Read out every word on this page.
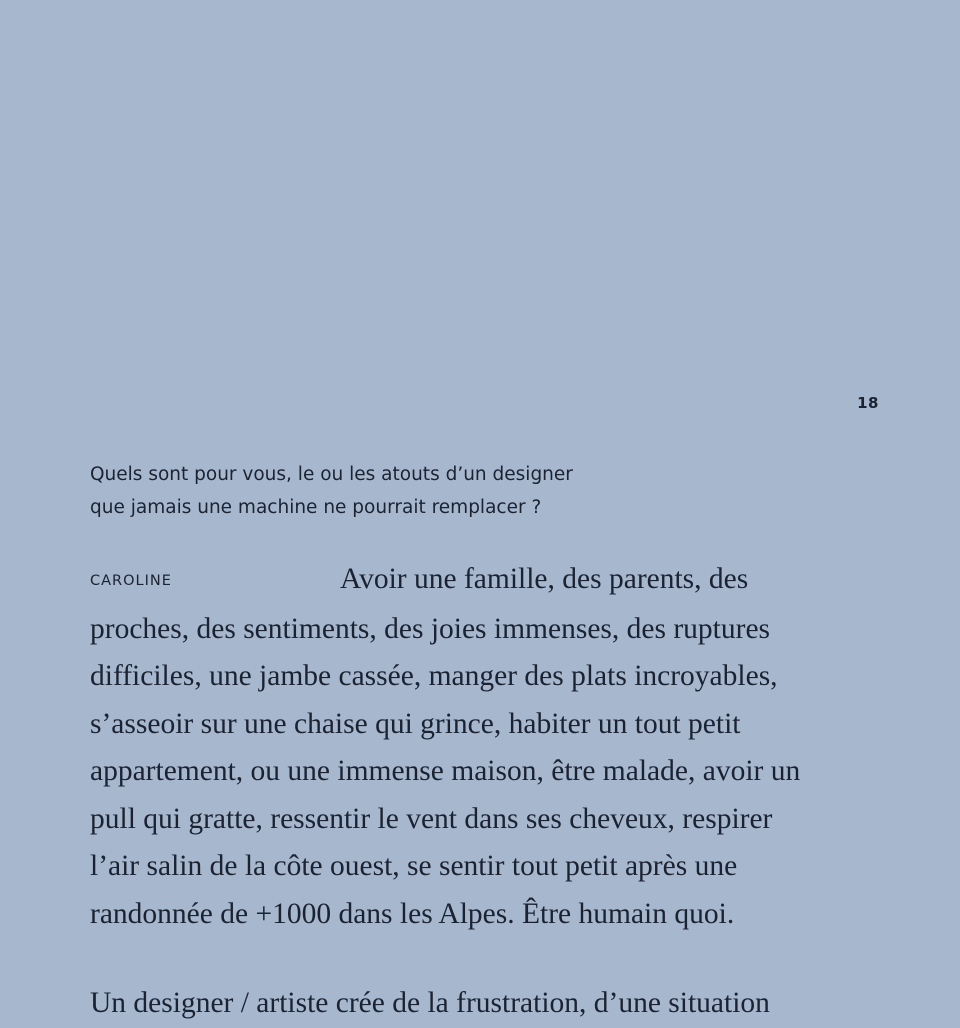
18

Quels sont pour vous, le ou les atouts d’un designer
que jamais une machine ne pourrait remplacer ?

CAROLINE	Avoir une famille, des parents, des
proches, des sentiments, des joies immenses, des ruptures
difficiles, une jambe cassée, manger des plats incroyables,
s’asseoir sur une chaise qui grince, habiter un tout petit
appartement, ou une immense maison, être malade, avoir un
pull qui gratte, ressentir le vent dans ses cheveux, respirer
l’air salin de la côte ouest, se sentir tout petit après une
randonnée de +1000 dans les Alpes. Être humain quoi.

Un designer / artiste crée de la frustration, d’une situation
